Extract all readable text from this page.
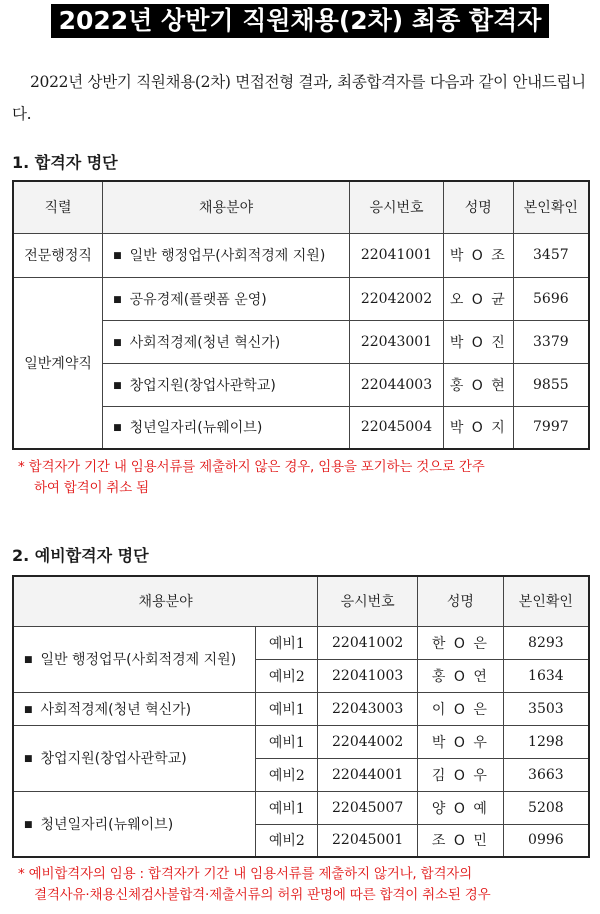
2022년 상반기 직원채용(2차) 최종 합격자
2022년 상반기 직원채용(2차) 면접전형 결과, 최종합격자를 다음과 같이 안내드립니다.
1. 합격자 명단
직렬	채용분야	응시번호	성명	본인확인
전문행정직	■ 일반 행정업무(사회적경제 지원)	22041001	박 O 조	3457
일반계약직	■ 공유경제(플랫폼 운영)	22042002	오 O 균	5696
	■ 사회적경제(청년 혁신가)	22043001	박 O 진	3379
	■ 창업지원(창업사관학교)	22044003	홍 O 현	9855
	■ 청년일자리(뉴웨이브)	22045004	박 O 지	7997
* 합격자가 기간 내 임용서류를 제출하지 않은 경우, 임용을 포기하는 것으로 간주
하여 합격이 취소 됨
2. 예비합격자 명단
채용분야		응시번호	성명	본인확인
■ 일반 행정업무(사회적경제 지원)	예비1	22041002	한 O 은	8293
	예비2	22041003	홍 O 연	1634
■ 사회적경제(청년 혁신가)	예비1	22043003	이 O 은	3503
■ 창업지원(창업사관학교)	예비1	22044002	박 O 우	1298
	예비2	22044001	김 O 우	3663
■ 청년일자리(뉴웨이브)	예비1	22045007	양 O 예	5208
	예비2	22045001	조 O 민	0996
* 예비합격자의 임용 : 합격자가 기간 내 임용서류를 제출하지 않거나, 합격자의
결격사유·채용신체검사불합격·제출서류의 허위 판명에 따른 합격이 취소된 경우
